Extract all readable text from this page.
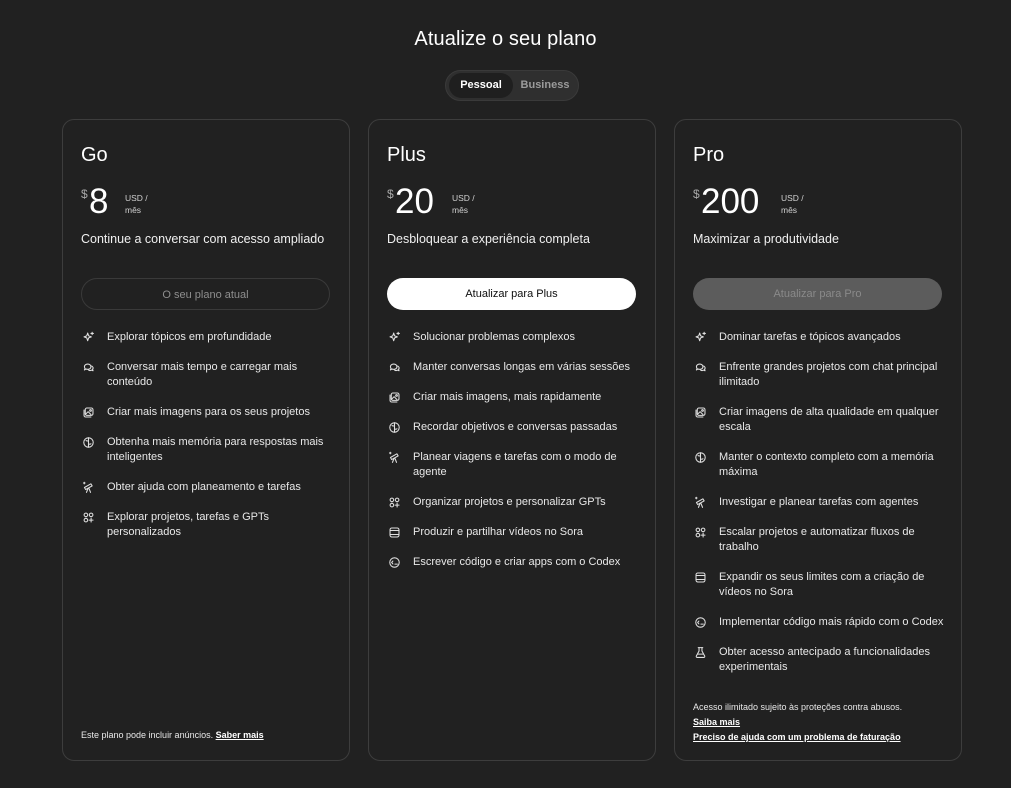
Atualize o seu plano
Pessoal	Business
Go
$ 8 USD /
mês
Continue a conversar com acesso ampliado
O seu plano atual
Explorar tópicos em profundidade
Conversar mais tempo e carregar mais conteúdo
Criar mais imagens para os seus projetos
Obtenha mais memória para respostas mais inteligentes
Obter ajuda com planeamento e tarefas
Explorar projetos, tarefas e GPTs personalizados
Este plano pode incluir anúncios. Saber mais
Plus
$ 20 USD /
mês
Desbloquear a experiência completa
Atualizar para Plus
Solucionar problemas complexos
Manter conversas longas em várias sessões
Criar mais imagens, mais rapidamente
Recordar objetivos e conversas passadas
Planear viagens e tarefas com o modo de agente
Organizar projetos e personalizar GPTs
Produzir e partilhar vídeos no Sora
Escrever código e criar apps com o Codex
Pro
$ 200	USD /
mês
Maximizar a produtividade
Atualizar para Pro
Dominar tarefas e tópicos avançados
Enfrente grandes projetos com chat principal ilimitado
Criar imagens de alta qualidade em qualquer escala
Manter o contexto completo com a memória máxima
Investigar e planear tarefas com agentes
Escalar projetos e automatizar fluxos de trabalho
Expandir os seus limites com a criação de vídeos no Sora
Implementar código mais rápido com o Codex
Obter acesso antecipado a funcionalidades experimentais
Acesso ilimitado sujeito às proteções contra abusos.
Saiba mais
Preciso de ajuda com um problema de faturação
